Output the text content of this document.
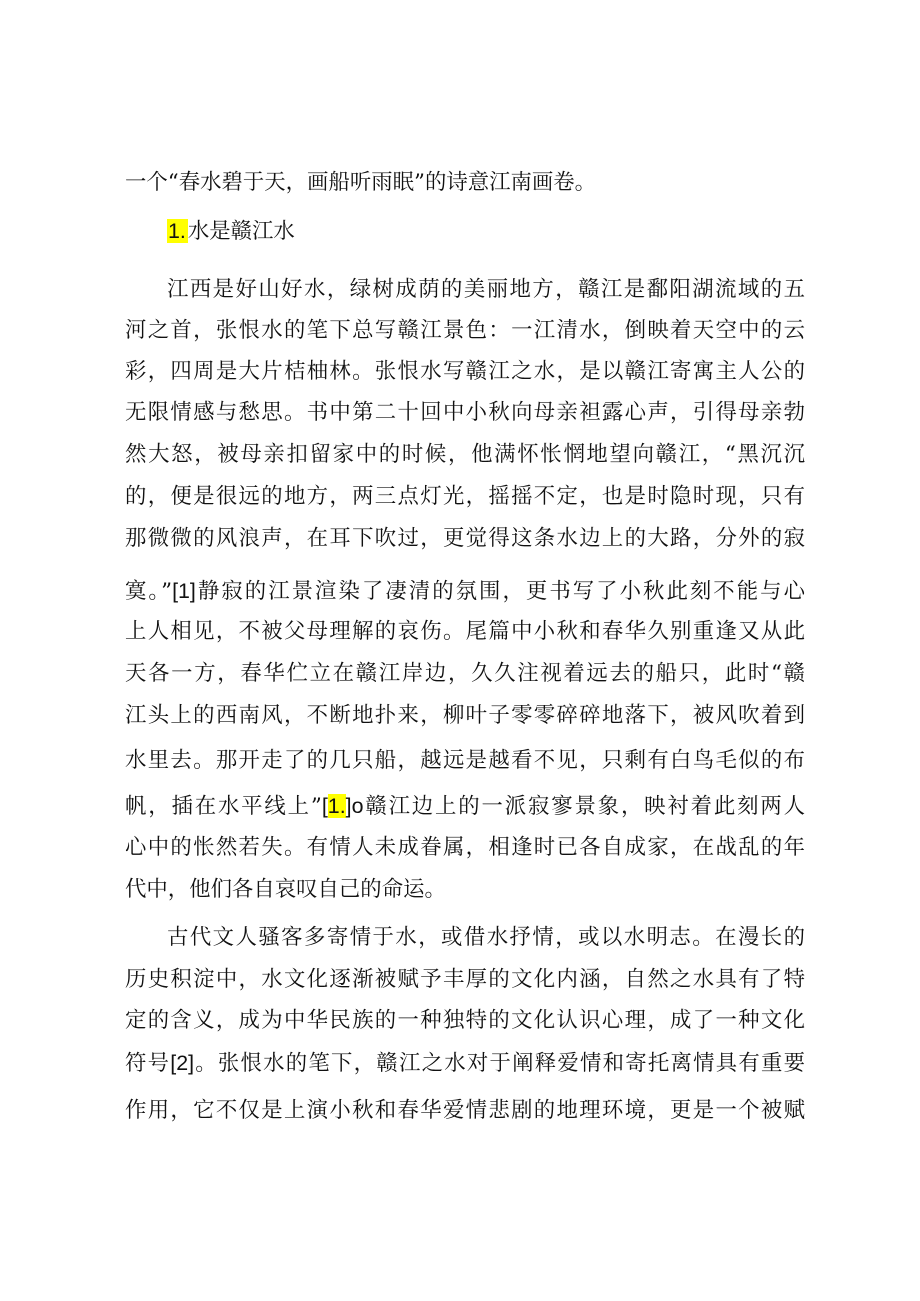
一个“春水碧于天，画船听雨眠”的诗意江南画卷。
1.水是赣江水
江西是好山好水，绿树成荫的美丽地方，赣江是鄱阳湖流域的五
河之首，张恨水的笔下总写赣江景色：一江清水，倒映着天空中的云
彩，四周是大片桔柚林。张恨水写赣江之水，是以赣江寄寓主人公的
无限情感与愁思。书中第二十回中小秋向母亲袒露心声，引得母亲勃
然大怒，被母亲扣留家中的时候，他满怀怅惘地望向赣江，“黑沉沉
的，便是很远的地方，两三点灯光，摇摇不定，也是时隐时现，只有
那微微的风浪声，在耳下吹过，更觉得这条水边上的大路，分外的寂
寞。”[1]静寂的江景渲染了凄清的氛围，更书写了小秋此刻不能与心
上人相见，不被父母理解的哀伤。尾篇中小秋和春华久别重逢又从此
天各一方，春华伫立在赣江岸边，久久注视着远去的船只，此时“赣
江头上的西南风，不断地扑来，柳叶子零零碎碎地落下，被风吹着到
水里去。那开走了的几只船，越远是越看不见，只剩有白鸟毛似的布
帆，插在水平线上”[1.]o赣江边上的一派寂寥景象，映衬着此刻两人
心中的怅然若失。有情人未成眷属，相逢时已各自成家，在战乱的年
代中，他们各自哀叹自己的命运。
古代文人骚客多寄情于水，或借水抒情，或以水明志。在漫长的
历史积淀中，水文化逐渐被赋予丰厚的文化内涵，自然之水具有了特
定的含义，成为中华民族的一种独特的文化认识心理，成了一种文化
符号[2]。张恨水的笔下，赣江之水对于阐释爱情和寄托离情具有重要
作用，它不仅是上演小秋和春华爱情悲剧的地理环境，更是一个被赋
